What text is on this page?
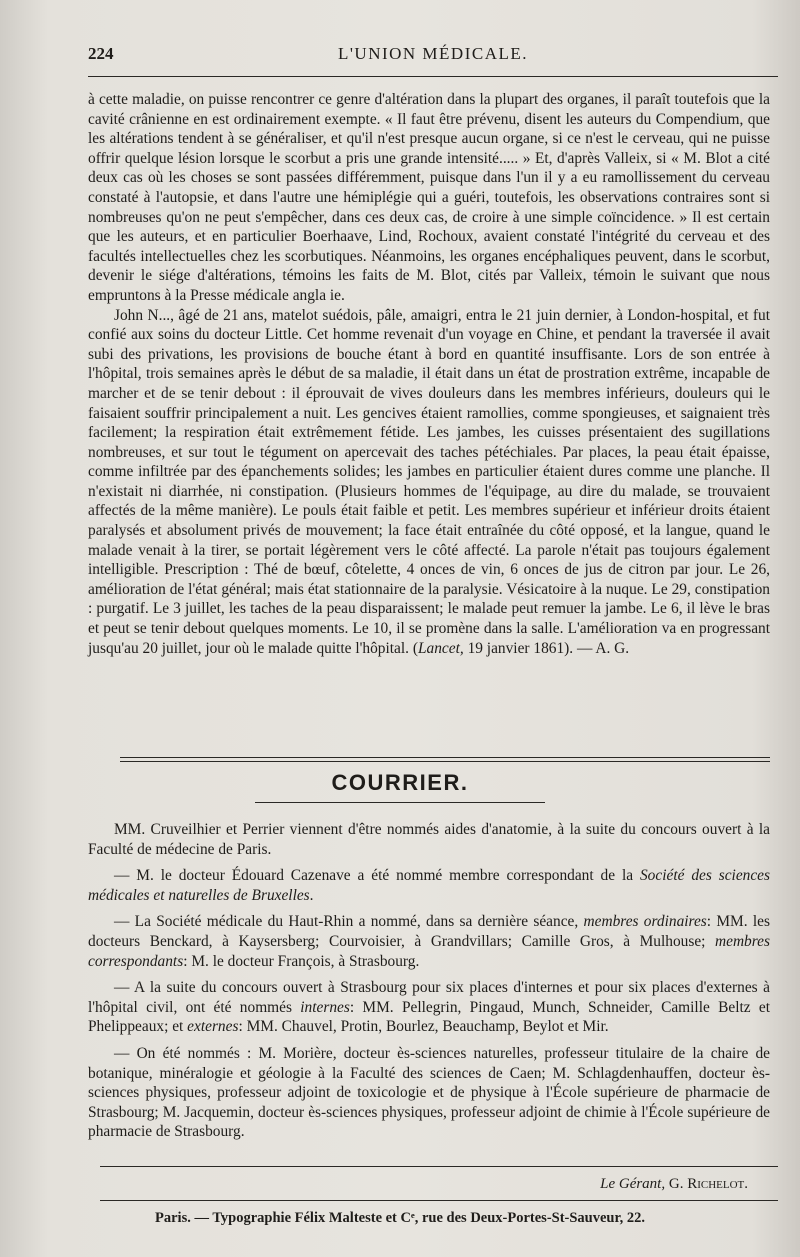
224	L'UNION MÉDICALE.

à cette maladie, on puisse rencontrer ce genre d'altération dans la plupart des organes, il paraît toutefois que la cavité crânienne en est ordinairement exempte. « Il faut être prévenu, disent les auteurs du Compendium, que les altérations tendent à se généraliser, et qu'il n'est presque aucun organe, si ce n'est le cerveau, qui ne puisse offrir quelque lésion lorsque le scorbut a pris une grande intensité..... » Et, d'après Valleix, si « M. Blot a cité deux cas où les choses se sont passées différemment, puisque dans l'un il y a eu ramollissement du cerveau constaté à l'autopsie, et dans l'autre une hémiplégie qui a guéri, toutefois, les observations contraires sont si nombreuses qu'on ne peut s'empêcher, dans ces deux cas, de croire à une simple coïncidence. » Il est certain que les auteurs, et en particulier Boerhaave, Lind, Rochoux, avaient constaté l'intégrité du cerveau et des facultés intellectuelles chez les scorbutiques. Néanmoins, les organes encéphaliques peuvent, dans le scorbut, devenir le siége d'altérations, témoins les faits de M. Blot, cités par Valleix, témoin le suivant que nous empruntons à la Presse médicale angla ie.

John N..., âgé de 21 ans, matelot suédois, pâle, amaigri, entra le 21 juin dernier, à London-hospital, et fut confié aux soins du docteur Little. Cet homme revenait d'un voyage en Chine, et pendant la traversée il avait subi des privations, les provisions de bouche étant à bord en quantité insuffisante. Lors de son entrée à l'hôpital, trois semaines après le début de sa maladie, il était dans un état de prostration extrême, incapable de marcher et de se tenir debout : il éprouvait de vives douleurs dans les membres inférieurs, douleurs qui le faisaient souffrir principalement a nuit. Les gencives étaient ramollies, comme spongieuses, et saignaient très facilement; la respiration était extrêmement fétide. Les jambes, les cuisses présentaient des sugillations nombreuses, et sur tout le tégument on apercevait des taches pétéchiales. Par places, la peau était épaisse, comme infiltrée par des épanchements solides; les jambes en particulier étaient dures comme une planche. Il n'existait ni diarrhée, ni constipation. (Plusieurs hommes de l'équipage, au dire du malade, se trouvaient affectés de la même manière). Le pouls était faible et petit. Les membres supérieur et inférieur droits étaient paralysés et absolument privés de mouvement; la face était entraînée du côté opposé, et la langue, quand le malade venait à la tirer, se portait légèrement vers le côté affecté. La parole n'était pas toujours également intelligible. Prescription : Thé de bœuf, côtelette, 4 onces de vin, 6 onces de jus de citron par jour. Le 26, amélioration de l'état général; mais état stationnaire de la paralysie. Vésicatoire à la nuque. Le 29, constipation : purgatif. Le 3 juillet, les taches de la peau disparaissent; le malade peut remuer la jambe. Le 6, il lève le bras et peut se tenir debout quelques moments. Le 10, il se promène dans la salle. L'amélioration va en progressant jusqu'au 20 juillet, jour où le malade quitte l'hôpital. (Lancet, 19 janvier 1861). — A. G.

COURRIER.

MM. Cruveilhier et Perrier viennent d'être nommés aides d'anatomie, à la suite du concours ouvert à la Faculté de médecine de Paris.

— M. le docteur Édouard Cazenave a été nommé membre correspondant de la Société des sciences médicales et naturelles de Bruxelles.

— La Société médicale du Haut-Rhin a nommé, dans sa dernière séance, membres ordinaires: MM. les docteurs Benckard, à Kaysersberg; Courvoisier, à Grandvillars; Camille Gros, à Mulhouse; membres correspondants: M. le docteur François, à Strasbourg.

— A la suite du concours ouvert à Strasbourg pour six places d'internes et pour six places d'externes à l'hôpital civil, ont été nommés internes: MM. Pellegrin, Pingaud, Munch, Schneider, Camille Beltz et Phelippeaux; et externes: MM. Chauvel, Protin, Bourlez, Beauchamp, Beylot et Mir.

— On été nommés : M. Morière, docteur ès-sciences naturelles, professeur titulaire de la chaire de botanique, minéralogie et géologie à la Faculté des sciences de Caen; M. Schlagdenhauffen, docteur ès-sciences physiques, professeur adjoint de toxicologie et de physique à l'École supérieure de pharmacie de Strasbourg; M. Jacquemin, docteur ès-sciences physiques, professeur adjoint de chimie à l'École supérieure de pharmacie de Strasbourg.

Le Gérant, G. Richelot.
Paris. — Typographie Félix Malteste et Cᵉ, rue des Deux-Portes-St-Sauveur, 22.
